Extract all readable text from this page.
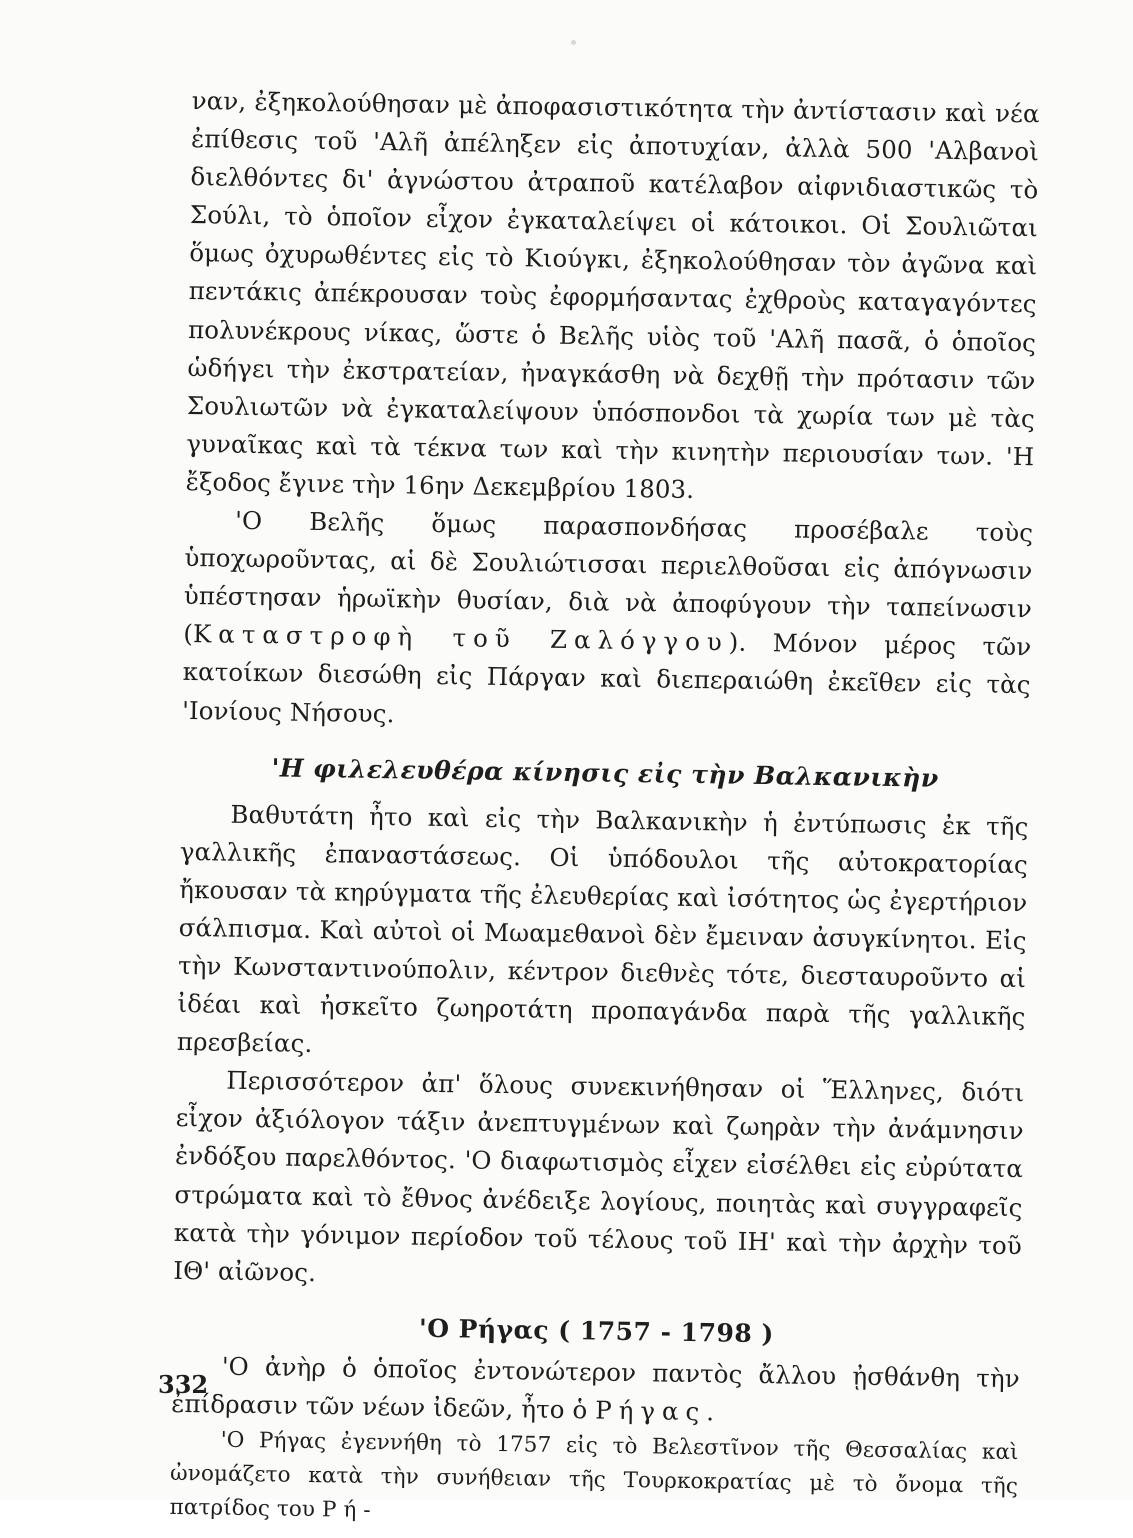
ναν, ἐξηκολούθησαν μὲ ἀποφασιστικότητα τὴν ἀντίστασιν καὶ νέα ἐπίθεσις τοῦ 'Αλῆ ἀπέληξεν εἰς ἀποτυχίαν, ἀλλὰ 500 'Αλβανοὶ διελθόντες δι' ἀγνώστου ἀτραποῦ κατέλαβον αἰφνιδιαστικῶς τὸ Σούλι, τὸ ὁποῖον εἶχον ἐγκαταλείψει οἱ κάτοικοι. Οἱ Σουλιῶται ὅμως ὀχυρωθέντες εἰς τὸ Κιούγκι, ἐξηκολούθησαν τὸν ἀγῶνα καὶ πεντάκις ἀπέκρουσαν τοὺς ἐφορμήσαντας ἐχθροὺς καταγαγόντες πολυνέκρους νίκας, ὥστε ὁ Βελῆς υἱὸς τοῦ 'Αλῆ πασᾶ, ὁ ὁποῖος ὡδήγει τὴν ἐκστρατείαν, ἠναγκάσθη νὰ δεχθῇ τὴν πρότασιν τῶν Σουλιωτῶν νὰ ἐγκαταλείψουν ὑπόσπονδοι τὰ χωρία των μὲ τὰς γυναῖκας καὶ τὰ τέκνα των καὶ τὴν κινητὴν περιουσίαν των. 'Η ἔξοδος ἔγινε τὴν 16ην Δεκεμβρίου 1803.

'Ο Βελῆς ὅμως παρασπονδήσας προσέβαλε τοὺς ὑποχωροῦντας, αἱ δὲ Σουλιώτισσαι περιελθοῦσαι εἰς ἀπόγνωσιν ὑπέστησαν ἡρωϊκὴν θυσίαν, διὰ νὰ ἀποφύγουν τὴν ταπείνωσιν (Καταστροφὴ τοῦ Ζαλόγγου). Μόνον μέρος τῶν κατοίκων διεσώθη εἰς Πάργαν καὶ διεπεραιώθη ἐκεῖθεν εἰς τὰς 'Ιονίους Νήσους.

'Η φιλελευθέρα κίνησις εἰς τὴν Βαλκανικὴν

Βαθυτάτη ἦτο καὶ εἰς τὴν Βαλκανικὴν ἡ ἐντύπωσις ἐκ τῆς γαλλικῆς ἐπαναστάσεως. Οἱ ὑπόδουλοι τῆς αὐτοκρατορίας ἤκουσαν τὰ κηρύγματα τῆς ἐλευθερίας καὶ ἰσότητος ὡς ἐγερτήριον σάλπισμα. Καὶ αὐτοὶ οἱ Μωαμεθανοὶ δὲν ἔμειναν ἀσυγκίνητοι. Εἰς τὴν Κωνσταντινούπολιν, κέντρον διεθνὲς τότε, διεσταυροῦντο αἱ ἰδέαι καὶ ἠσκεῖτο ζωηροτάτη προπαγάνδα παρὰ τῆς γαλλικῆς πρεσβείας.

Περισσότερον ἀπ' ὅλους συνεκινήθησαν οἱ Ἕλληνες, διότι εἶχον ἀξιόλογον τάξιν ἀνεπτυγμένων καὶ ζωηρὰν τὴν ἀνάμνησιν ἐνδόξου παρελθόντος. 'Ο διαφωτισμὸς εἶχεν εἰσέλθει εἰς εὐρύτατα στρώματα καὶ τὸ ἔθνος ἀνέδειξε λογίους, ποιητὰς καὶ συγγραφεῖς κατὰ τὴν γόνιμον περίοδον τοῦ τέλους τοῦ ΙΗ' καὶ τὴν ἀρχὴν τοῦ ΙΘ' αἰῶνος.

'Ο Ρήγας ( 1757 - 1798 )

'Ο ἀνὴρ ὁ ὁποῖος ἐντονώτερον παντὸς ἄλλου ᾐσθάνθη τὴν ἐπίδρασιν τῶν νέων ἰδεῶν, ἦτο ὁ Ρήγας.

'Ο Ρήγας ἐγεννήθη τὸ 1757 εἰς τὸ Βελεστῖνον τῆς Θεσσαλίας καὶ ὠνομάζετο κατὰ τὴν συνήθειαν τῆς Τουρκοκρατίας μὲ τὸ ὄνομα τῆς πατρίδος του Ρή-

332
